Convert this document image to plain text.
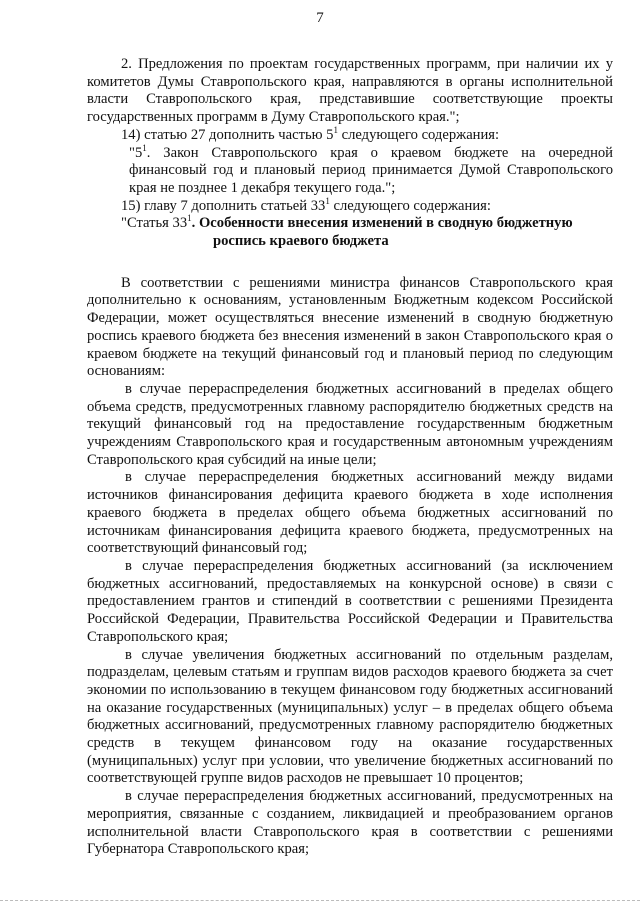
7

2. Предложения по проектам государственных программ, при наличии их у комитетов Думы Ставропольского края, направляются в органы исполнительной власти Ставропольского края, представившие соответствующие проекты государственных программ в Думу Ставропольского края.";

14) статью 27 дополнить частью $5^1$ следующего содержания:

"$5^1$. Закон Ставропольского края о краевом бюджете на очередной финансовый год и плановый период принимается Думой Ставропольского края не позднее 1 декабря текущего года.";

15) главу 7 дополнить статьей $33^1$ следующего содержания:

"Статья $33^1$. Особенности внесения изменений в сводную бюджетную

роспись краевого бюджета

В соответствии с решениями министра финансов Ставропольского края дополнительно к основаниям, установленным Бюджетным кодексом Российской Федерации, может осуществляться внесение изменений в сводную бюджетную роспись краевого бюджета без внесения изменений в закон Ставропольского края о краевом бюджете на текущий финансовый год и плановый период по следующим основаниям:

в случае перераспределения бюджетных ассигнований в пределах общего объема средств, предусмотренных главному распорядителю бюджетных средств на текущий финансовый год на предоставление государственным бюджетным учреждениям Ставропольского края и государственным автономным учреждениям Ставропольского края субсидий на иные цели;

в случае перераспределения бюджетных ассигнований между видами источников финансирования дефицита краевого бюджета в ходе исполнения краевого бюджета в пределах общего объема бюджетных ассигнований по источникам финансирования дефицита краевого бюджета, предусмотренных на соответствующий финансовый год;

в случае перераспределения бюджетных ассигнований (за исключением бюджетных ассигнований, предоставляемых на конкурсной основе) в связи с предоставлением грантов и стипендий в соответствии с решениями Президента Российской Федерации, Правительства Российской Федерации и Правительства Ставропольского края;

в случае увеличения бюджетных ассигнований по отдельным разделам, подразделам, целевым статьям и группам видов расходов краевого бюджета за счет экономии по использованию в текущем финансовом году бюджетных ассигнований на оказание государственных (муниципальных) услуг – в пределах общего объема бюджетных ассигнований, предусмотренных главному распорядителю бюджетных средств в текущем финансовом году на оказание государственных (муниципальных) услуг при условии, что увеличение бюджетных ассигнований по соответствующей группе видов расходов не превышает 10 процентов;

в случае перераспределения бюджетных ассигнований, предусмотренных на мероприятия, связанные с созданием, ликвидацией и преобразованием органов исполнительной власти Ставропольского края в соответствии с решениями Губернатора Ставропольского края;
